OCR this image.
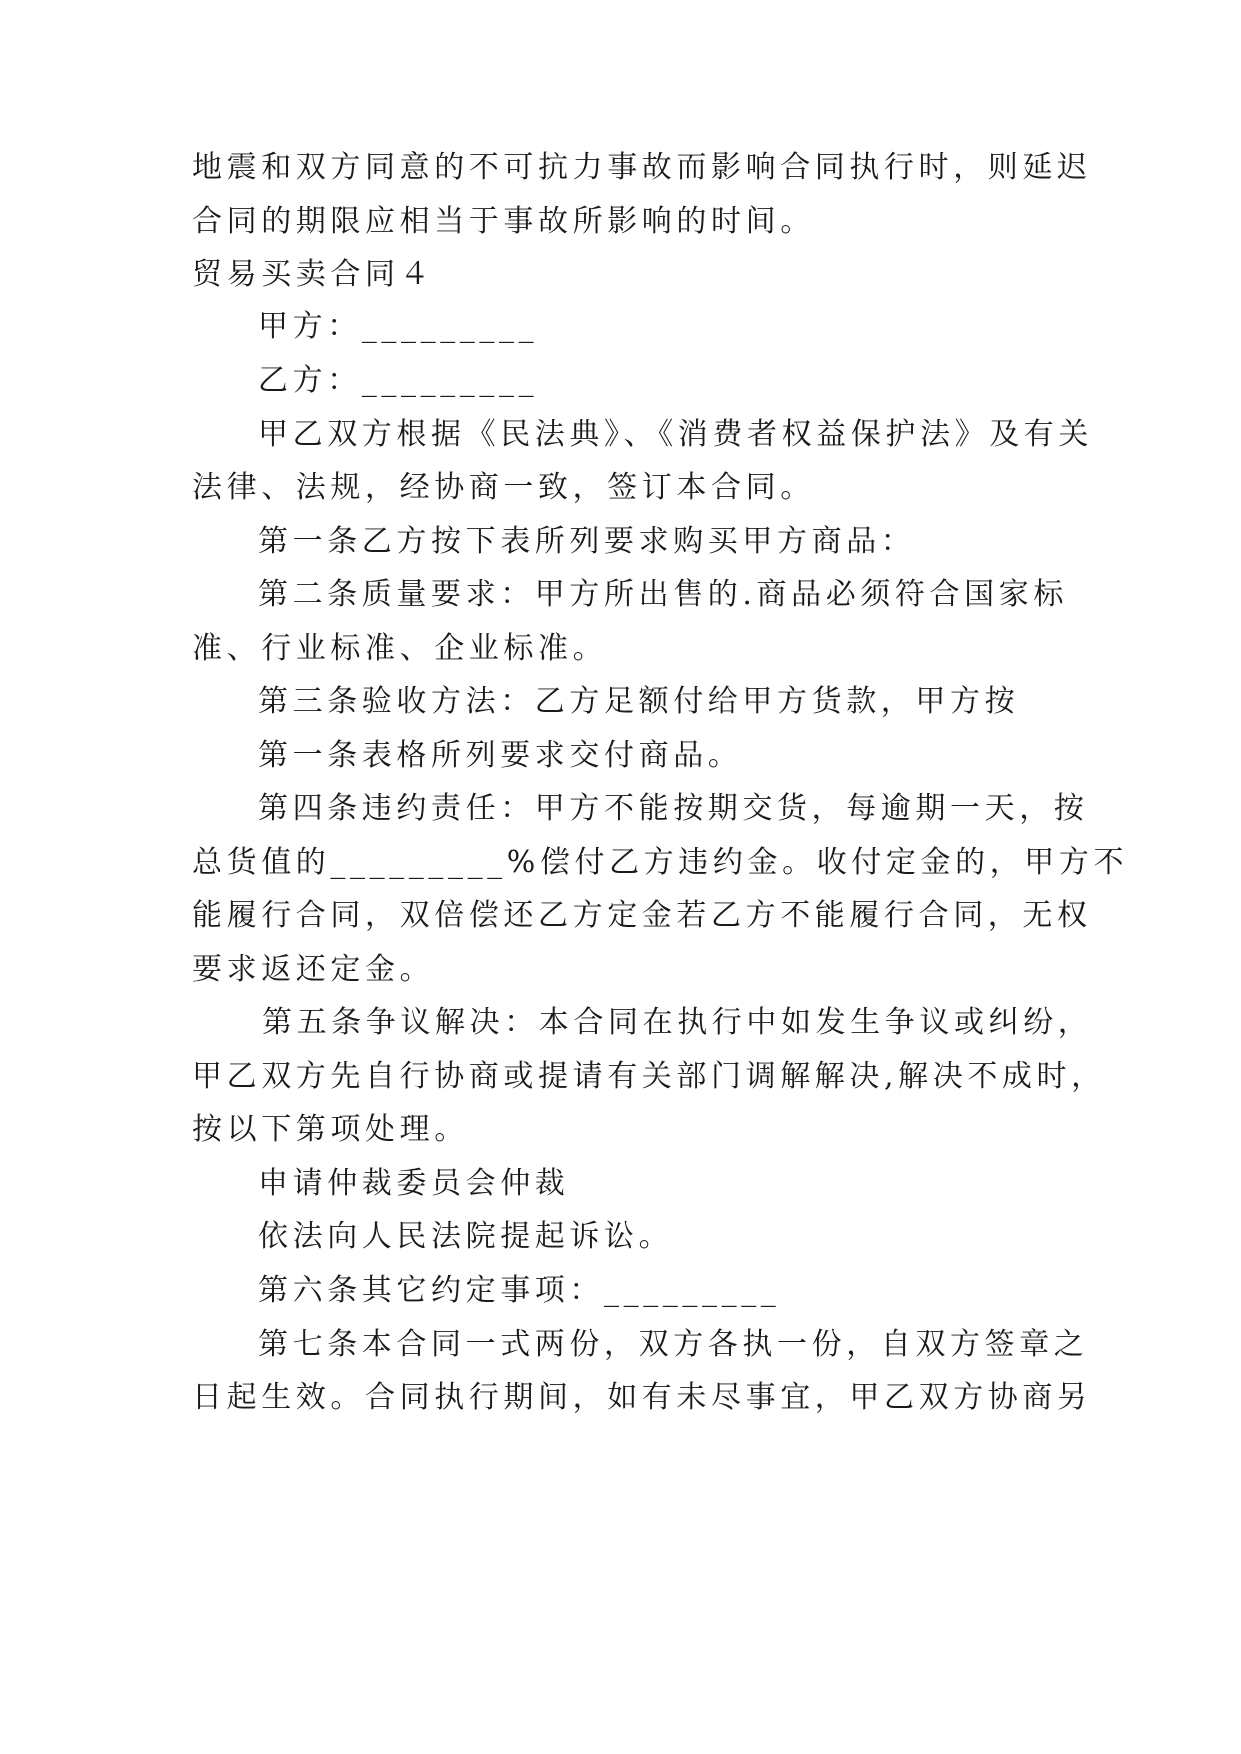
地震和双方同意的不可抗力事故而影响合同执行时，则延迟
合同的期限应相当于事故所影响的时间。
贸易买卖合同４
甲方：_________
乙方：_________
甲乙双方根据《民法典》、《消费者权益保护法》及有关
法律、法规，经协商一致，签订本合同。
第一条乙方按下表所列要求购买甲方商品：
第二条质量要求：甲方所出售的.商品必须符合国家标
准、行业标准、企业标准。
第三条验收方法：乙方足额付给甲方货款，甲方按
第一条表格所列要求交付商品。
第四条违约责任：甲方不能按期交货，每逾期一天，按
总货值的_________%偿付乙方违约金。收付定金的，甲方不
能履行合同，双倍偿还乙方定金若乙方不能履行合同，无权
要求返还定金。
第五条争议解决：本合同在执行中如发生争议或纠纷，
甲乙双方先自行协商或提请有关部门调解解决,解决不成时，
按以下第项处理。
申请仲裁委员会仲裁
依法向人民法院提起诉讼。
第六条其它约定事项：_________
第七条本合同一式两份，双方各执一份，自双方签章之
日起生效。合同执行期间，如有未尽事宜，甲乙双方协商另
